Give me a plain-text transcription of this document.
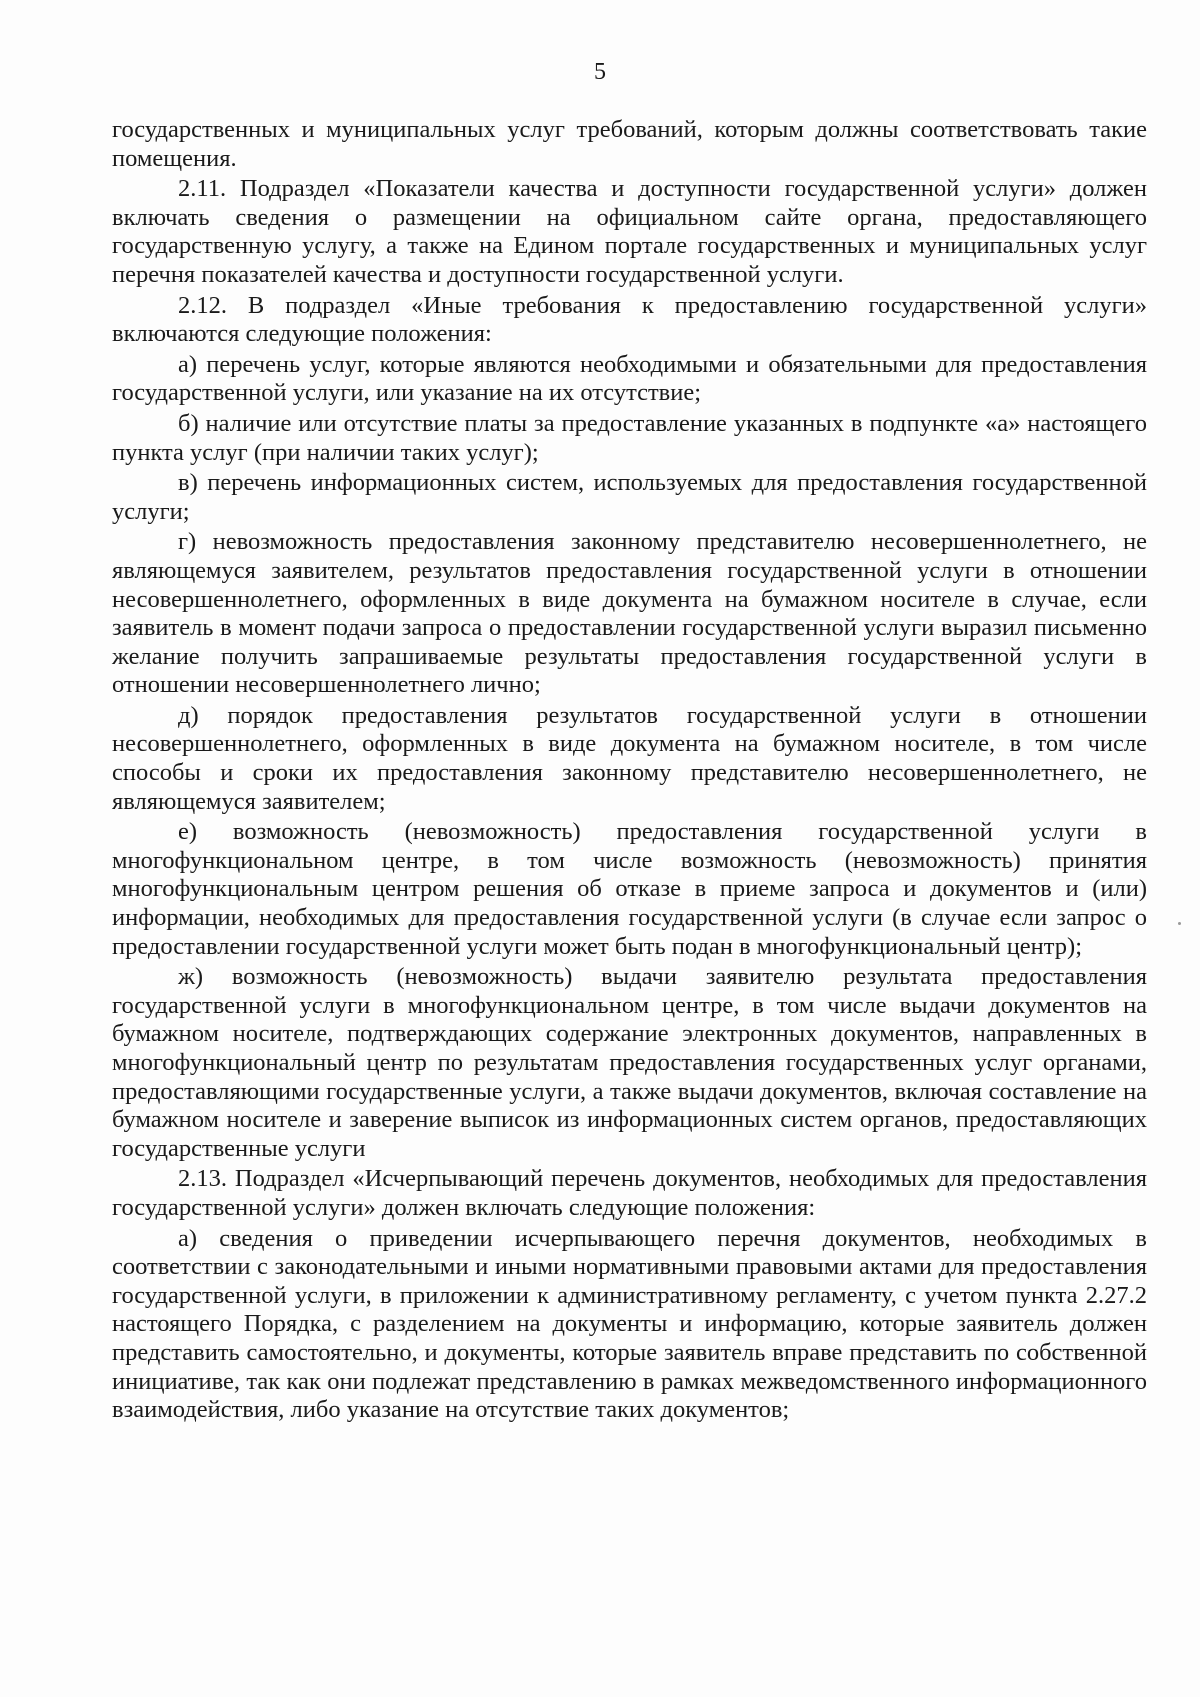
5

государственных и муниципальных услуг требований, которым должны соответствовать такие помещения.

2.11. Подраздел «Показатели качества и доступности государственной услуги» должен включать сведения о размещении на официальном сайте органа, предоставляющего государственную услугу, а также на Едином портале государственных и муниципальных услуг перечня показателей качества и доступности государственной услуги.

2.12. В подраздел «Иные требования к предоставлению государственной услуги» включаются следующие положения:

а) перечень услуг, которые являются необходимыми и обязательными для предоставления государственной услуги, или указание на их отсутствие;

б) наличие или отсутствие платы за предоставление указанных в подпункте «а» настоящего пункта услуг (при наличии таких услуг);

в) перечень информационных систем, используемых для предоставления государственной услуги;

г) невозможность предоставления законному представителю несовершеннолетнего, не являющемуся заявителем, результатов предоставления государственной услуги в отношении несовершеннолетнего, оформленных в виде документа на бумажном носителе в случае, если заявитель в момент подачи запроса о предоставлении государственной услуги выразил письменно желание получить запрашиваемые результаты предоставления государственной услуги в отношении несовершеннолетнего лично;

д) порядок предоставления результатов государственной услуги в отношении несовершеннолетнего, оформленных в виде документа на бумажном носителе, в том числе способы и сроки их предоставления законному представителю несовершеннолетнего, не являющемуся заявителем;

е) возможность (невозможность) предоставления государственной услуги в многофункциональном центре, в том числе возможность (невозможность) принятия многофункциональным центром решения об отказе в приеме запроса и документов и (или) информации, необходимых для предоставления государственной услуги (в случае если запрос о предоставлении государственной услуги может быть подан в многофункциональный центр);

ж) возможность (невозможность) выдачи заявителю результата предоставления государственной услуги в многофункциональном центре, в том числе выдачи документов на бумажном носителе, подтверждающих содержание электронных документов, направленных в многофункциональный центр по результатам предоставления государственных услуг органами, предоставляющими государственные услуги, а также выдачи документов, включая составление на бумажном носителе и заверение выписок из информационных систем органов, предоставляющих государственные услуги

2.13. Подраздел «Исчерпывающий перечень документов, необходимых для предоставления государственной услуги» должен включать следующие положения:

а) сведения о приведении исчерпывающего перечня документов, необходимых в соответствии с законодательными и иными нормативными правовыми актами для предоставления государственной услуги, в приложении к административному регламенту, с учетом пункта 2.27.2 настоящего Порядка, с разделением на документы и информацию, которые заявитель должен представить самостоятельно, и документы, которые заявитель вправе представить по собственной инициативе, так как они подлежат представлению в рамках межведомственного информационного взаимодействия, либо указание на отсутствие таких документов;
